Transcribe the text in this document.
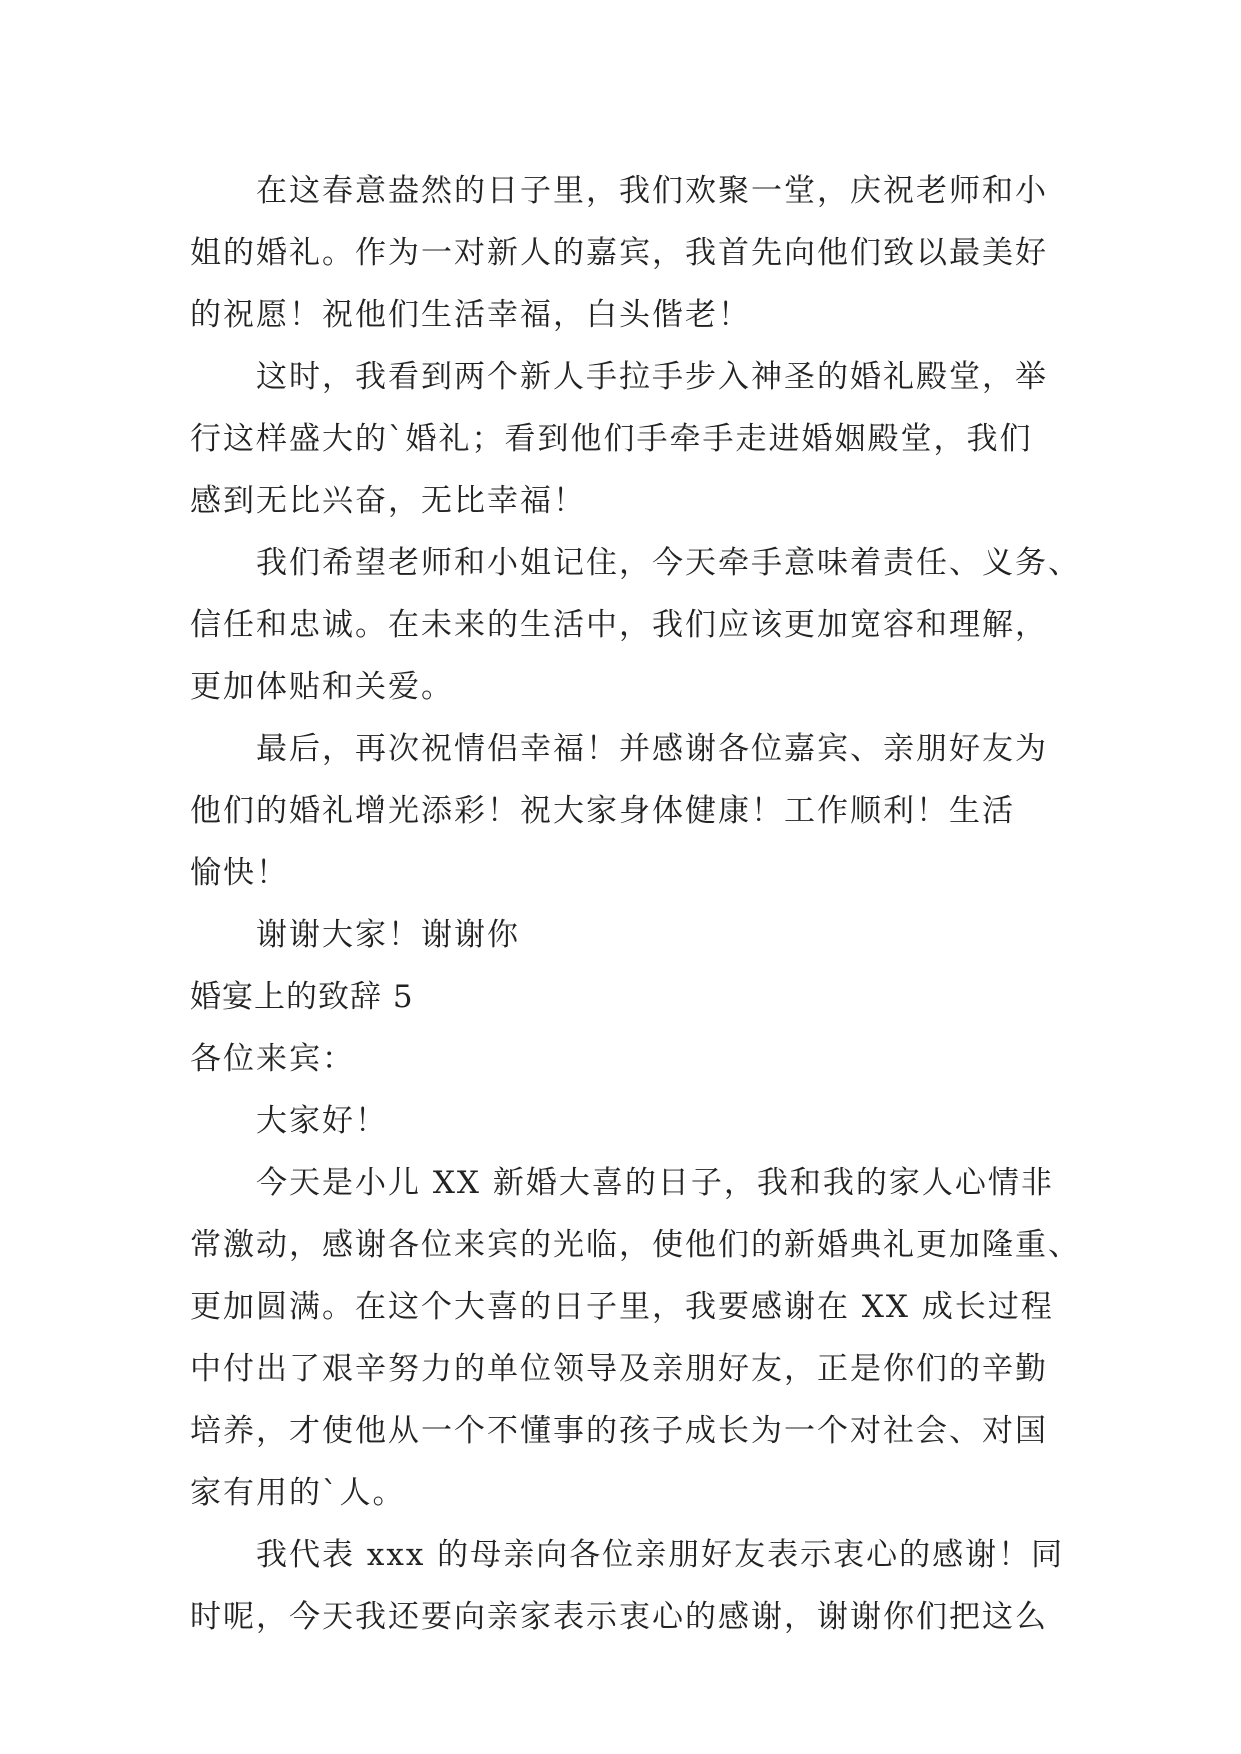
在这春意盎然的日子里，我们欢聚一堂，庆祝老师和小
姐的婚礼。作为一对新人的嘉宾，我首先向他们致以最美好
的祝愿！祝他们生活幸福，白头偕老！
这时，我看到两个新人手拉手步入神圣的婚礼殿堂，举
行这样盛大的`婚礼；看到他们手牵手走进婚姻殿堂，我们
感到无比兴奋，无比幸福！
我们希望老师和小姐记住，今天牵手意味着责任、义务、
信任和忠诚。在未来的生活中，我们应该更加宽容和理解，
更加体贴和关爱。
最后，再次祝情侣幸福！并感谢各位嘉宾、亲朋好友为
他们的婚礼增光添彩！祝大家身体健康！工作顺利！生活
愉快！
谢谢大家！谢谢你
婚宴上的致辞 5
各位来宾：
大家好！
今天是小儿 XX 新婚大喜的日子，我和我的家人心情非
常激动，感谢各位来宾的光临，使他们的新婚典礼更加隆重、
更加圆满。在这个大喜的日子里，我要感谢在 XX 成长过程
中付出了艰辛努力的单位领导及亲朋好友，正是你们的辛勤
培养，才使他从一个不懂事的孩子成长为一个对社会、对国
家有用的`人。
我代表 xxx 的母亲向各位亲朋好友表示衷心的感谢！同
时呢，今天我还要向亲家表示衷心的感谢，谢谢你们把这么
